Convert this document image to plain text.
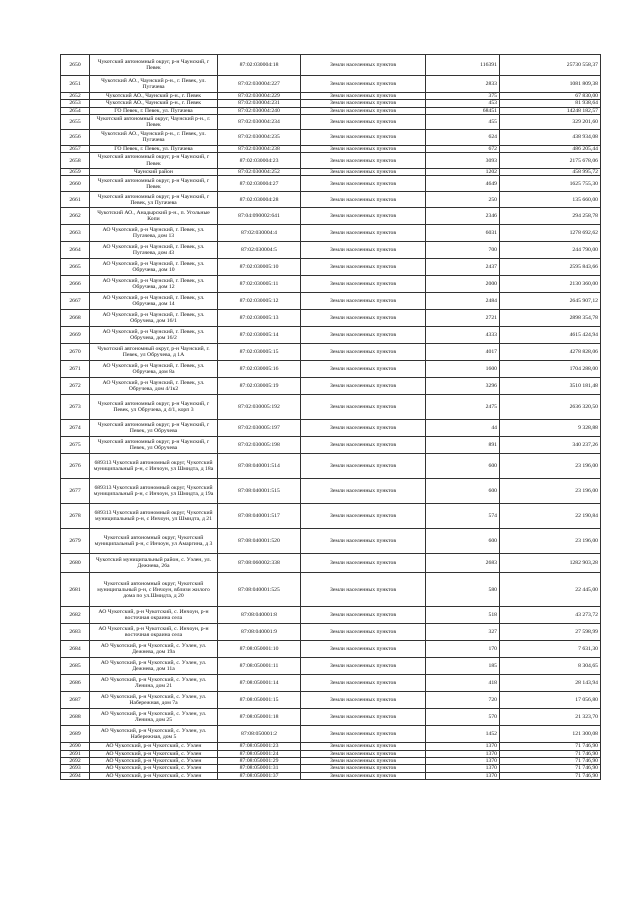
2650	Чукотский автономный округ, р-н Чаунский, г Певек	87:02:030004:18	Земли населенных пунктов	116391	25730 558,37
2651	Чукотский АО., Чаунский р-н., г. Певек, ул. Пугачева	87:02:030004:227	Земли населенных пунктов	2833	1081 809,38
2652	Чукотский АО., Чаунский р-н., г. Певек	87:02:030004:229	Земли населенных пунктов	375	67 830,00
2653	Чукотский АО., Чаунский р-н., г. Певек	87:02:030004:231	Земли населенных пунктов	453	81 938,64
2654	ГО Певек, г. Певек, ул. Пугачева	87:02:030004:240	Земли населенных пунктов	68451	14248 182,57
2655	Чукотский автономный округ, Чаунский р-н., г. Певек	87:02:030004:234	Земли населенных пунктов	455	329 201,60
2656	Чукотский АО., Чаунский р-н., г. Певек, ул. Пугачева	87:02:030004:235	Земли населенных пунктов	624	438 934,08
2657	ГО Певек, г. Певек, ул. Пугачева	87:02:030004:238	Земли населенных пунктов	672	486 205,44
2658	Чукотский автономный округ, р-н Чаунский, г Певек	87:02:030004:23	Земли населенных пунктов	3093	2175 678,06
2659	Чаунский район	87:02:030004:252	Земли населенных пунктов	1202	458 995,72
2660	Чукотский автономный округ, р-н Чаунский, г Певек	87:02:030004:27	Земли населенных пунктов	4649	1625 755,30
2661	Чукотский автономный округ, р-н Чаунский, г Певек, ул Пугачева	87:02:030004:28	Земли населенных пунктов	250	135 660,00
2662	Чукотский АО., Анадырский р-н., п. Угольные Копи	87:04:090002:641	Земли населенных пунктов	2346	294 258,78
2663	АО Чукотский, р-н Чаунский, г. Певек, ул. Пугачева, дом 13	87:02:030004:4	Земли населенных пунктов	6031	1278 692,62
2664	АО Чукотский, р-н Чаунский, г. Певек, ул. Пугачева, дом 43	87:02:030004:5	Земли населенных пунктов	700	244 790,00
2665	АО Чукотский, р-н Чаунский, г. Певек, ул. Обручева, дом 10	87:02:030005:10	Земли населенных пунктов	2437	2595 843,66
2666	АО Чукотский, р-н Чаунский, г. Певек, ул. Обручева, дом 12	87:02:030005:11	Земли населенных пунктов	2000	2130 360,00
2667	АО Чукотский, р-н Чаунский, г. Певек, ул. Обручева, дом 14	87:02:030005:12	Земли населенных пунктов	2484	2645 907,12
2668	АО Чукотский, р-н Чаунский, г. Певек, ул. Обручева, дом 16/1	87:02:030005:13	Земли населенных пунктов	2721	2898 354,78
2669	АО Чукотский, р-н Чаунский, г. Певек, ул. Обручева, дом 16/2	87:02:030005:14	Земли населенных пунктов	4333	4615 424,94
2670	Чукотский автономный округ, р-н Чаунский, г. Певек, ул Обручева, д 1А	87:02:030005:15	Земли населенных пунктов	4017	4278 828,06
2671	АО Чукотский, р-н Чаунский, г. Певек, ул. Обручева, дом 8а	87:02:030005:16	Земли населенных пунктов	1600	1704 288,00
2672	АО Чукотский, р-н Чаунский, г. Певек, ул. Обручева, дом 4/1к2	87:02:030005:19	Земли населенных пунктов	3296	3510 181,48
2673	Чукотский автономный округ, р-н Чаунский, г Певек, ул Обручева, д 4/1, корп 3	87:02:030005:192	Земли населенных пунктов	2475	2636 320,50
2674	Чукотский автономный округ, р-н Чаунский, г Певек, ул Обручева	87:02:030005:197	Земли населенных пунктов	44	9 328,88
2675	Чукотский автономный округ, р-н Чаунский, г Певек, ул Обручева	87:02:030005:198	Земли населенных пунктов	891	340 237,26
2676	689313 Чукотский автономный округ, Чукотский муниципальный р-н, с Инчоун, ул Шмидта, д 18а	87:08:040001:514	Земли населенных пунктов	600	23 196,00
2677	689313 Чукотский автономный округ, Чукотский муниципальный р-н, с Инчоун, ул Шмидта, д 19а	87:08:040001:515	Земли населенных пунктов	600	23 196,00
2678	689313 Чукотский автономный округ, Чукотский муниципальный р-н, с Инчоун, ул Шмидта, д 21	87:08:040001:517	Земли населенных пунктов	574	22 190,84
2679	Чукотский автономный округ, Чукотский муниципальный р-н, с Инчоун, ул Амаргина, д 3	87:08:040001:520	Земли населенных пунктов	600	23 196,00
2680	Чукотский муниципальный район, с. Уэлен, ул. Дежнева, 26а	87:08:060002:338	Земли населенных пунктов	2683	1282 903,28
2681	Чукотский автономный округ, Чукотский муниципальный р-н, с Инчоун, вблизи жилого дома по ул.Шмидта, д 20	87:08:040001:525	Земли населенных пунктов	580	22 445,00
2682	АО Чукотский, р-н Чукотский, с. Инчоун, р-н восточная окраина села	87:08:040001:8	Земли населенных пунктов	518	43 273,72
2683	АО Чукотский, р-н Чукотский, с. Инчоун, р-н восточная окраина села	87:08:040001:9	Земли населенных пунктов	327	27 598,99
2684	АО Чукотский, р-н Чукотский, с. Уэлен, ул. Дежнева, дом 19а	87:08:050001:10	Земли населенных пунктов	170	7 631,30
2685	АО Чукотский, р-н Чукотский, с. Уэлен, ул. Дежнева, дом 11а	87:08:050001:11	Земли населенных пунктов	185	8 304,65
2686	АО Чукотский, р-н Чукотский, с. Уэлен, ул. Ленина, дом 21	87:08:050001:14	Земли населенных пунктов	418	28 143,94
2687	АО Чукотский, р-н Чукотский, с. Уэлен, ул. Набережная, дом 7а	87:08:050001:15	Земли населенных пунктов	720	17 056,80
2688	АО Чукотский, р-н Чукотский, с. Уэлен, ул. Ленина, дом 25	87:08:050001:18	Земли населенных пунктов	570	21 323,70
2689	АО Чукотский, р-н Чукотский, с. Уэлен, ул. Набережная, дом 5	87:08:050001:2	Земли населенных пунктов	1452	121 300,08
2690	АО Чукотский, р-н Чукотский, с. Уэлен	87:08:050001:23	Земли населенных пунктов	1370	71 746,90
2691	АО Чукотский, р-н Чукотский, с. Уэлен	87:08:050001:24	Земли населенных пунктов	1370	71 746,90
2692	АО Чукотский, р-н Чукотский, с. Уэлен	87:08:050001:29	Земли населенных пунктов	1370	71 746,90
2693	АО Чукотский, р-н Чукотский, с. Уэлен	87:08:050001:31	Земли населенных пунктов	1370	71 746,90
2694	АО Чукотский, р-н Чукотский, с. Уэлен	87:08:050001:37	Земли населенных пунктов	1370	71 746,90
